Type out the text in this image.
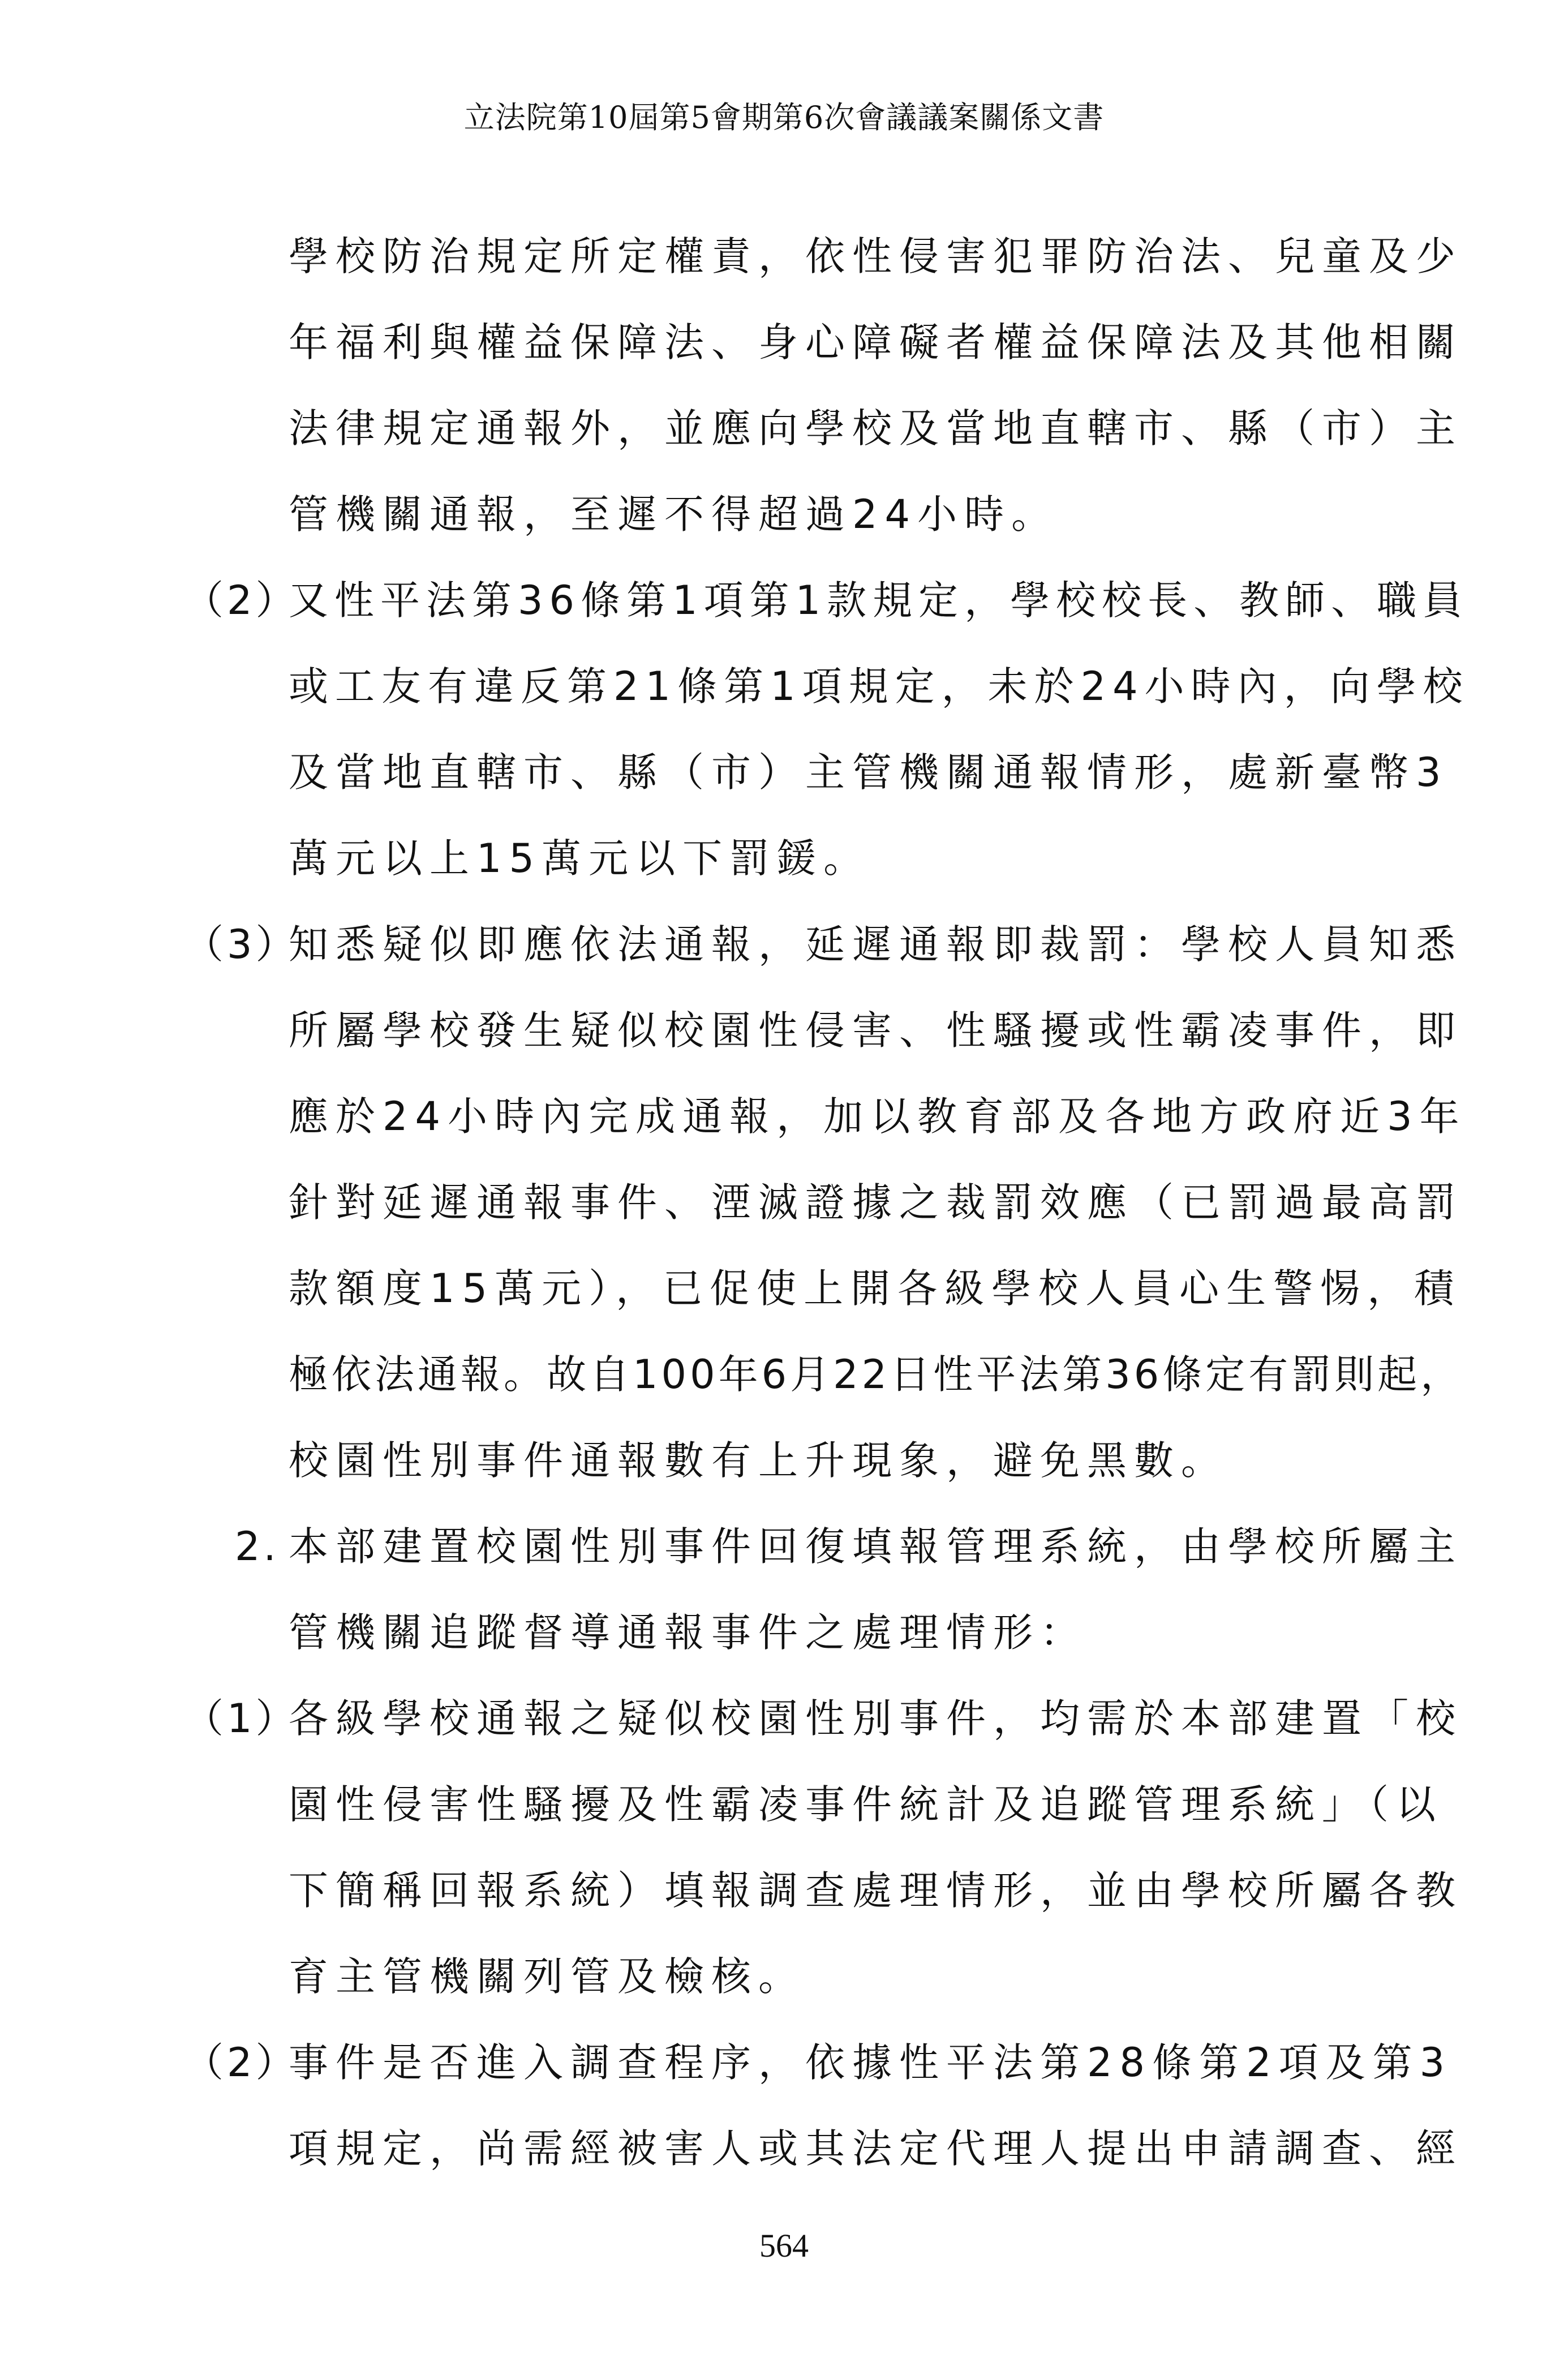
立法院第10屆第5會期第6次會議議案關係文書
學校防治規定所定權責，依性侵害犯罪防治法、兒童及少
年福利與權益保障法、身心障礙者權益保障法及其他相關
法律規定通報外，並應向學校及當地直轄市、縣（市）主
管機關通報，至遲不得超過24小時。
（2）
又性平法第36條第1項第1款規定，學校校長、教師、職員
或工友有違反第21條第1項規定，未於24小時內，向學校
及當地直轄市、縣（市）主管機關通報情形，處新臺幣3
萬元以上15萬元以下罰鍰。
（3）
知悉疑似即應依法通報，延遲通報即裁罰：學校人員知悉
所屬學校發生疑似校園性侵害、性騷擾或性霸凌事件，即
應於24小時內完成通報，加以教育部及各地方政府近3年
針對延遲通報事件、湮滅證據之裁罰效應（已罰過最高罰
款額度15萬元），已促使上開各級學校人員心生警惕，積
極依法通報。故自100年6月22日性平法第36條定有罰則起，
校園性別事件通報數有上升現象，避免黑數。
2. 本部建置校園性別事件回復填報管理系統，由學校所屬主
管機關追蹤督導通報事件之處理情形：
（1）
各級學校通報之疑似校園性別事件，均需於本部建置「校
園性侵害性騷擾及性霸凌事件統計及追蹤管理系統」（以
下簡稱回報系統）填報調查處理情形，並由學校所屬各教
育主管機關列管及檢核。
（2）
事件是否進入調查程序，依據性平法第28條第2項及第3
項規定，尚需經被害人或其法定代理人提出申請調查、經
564
